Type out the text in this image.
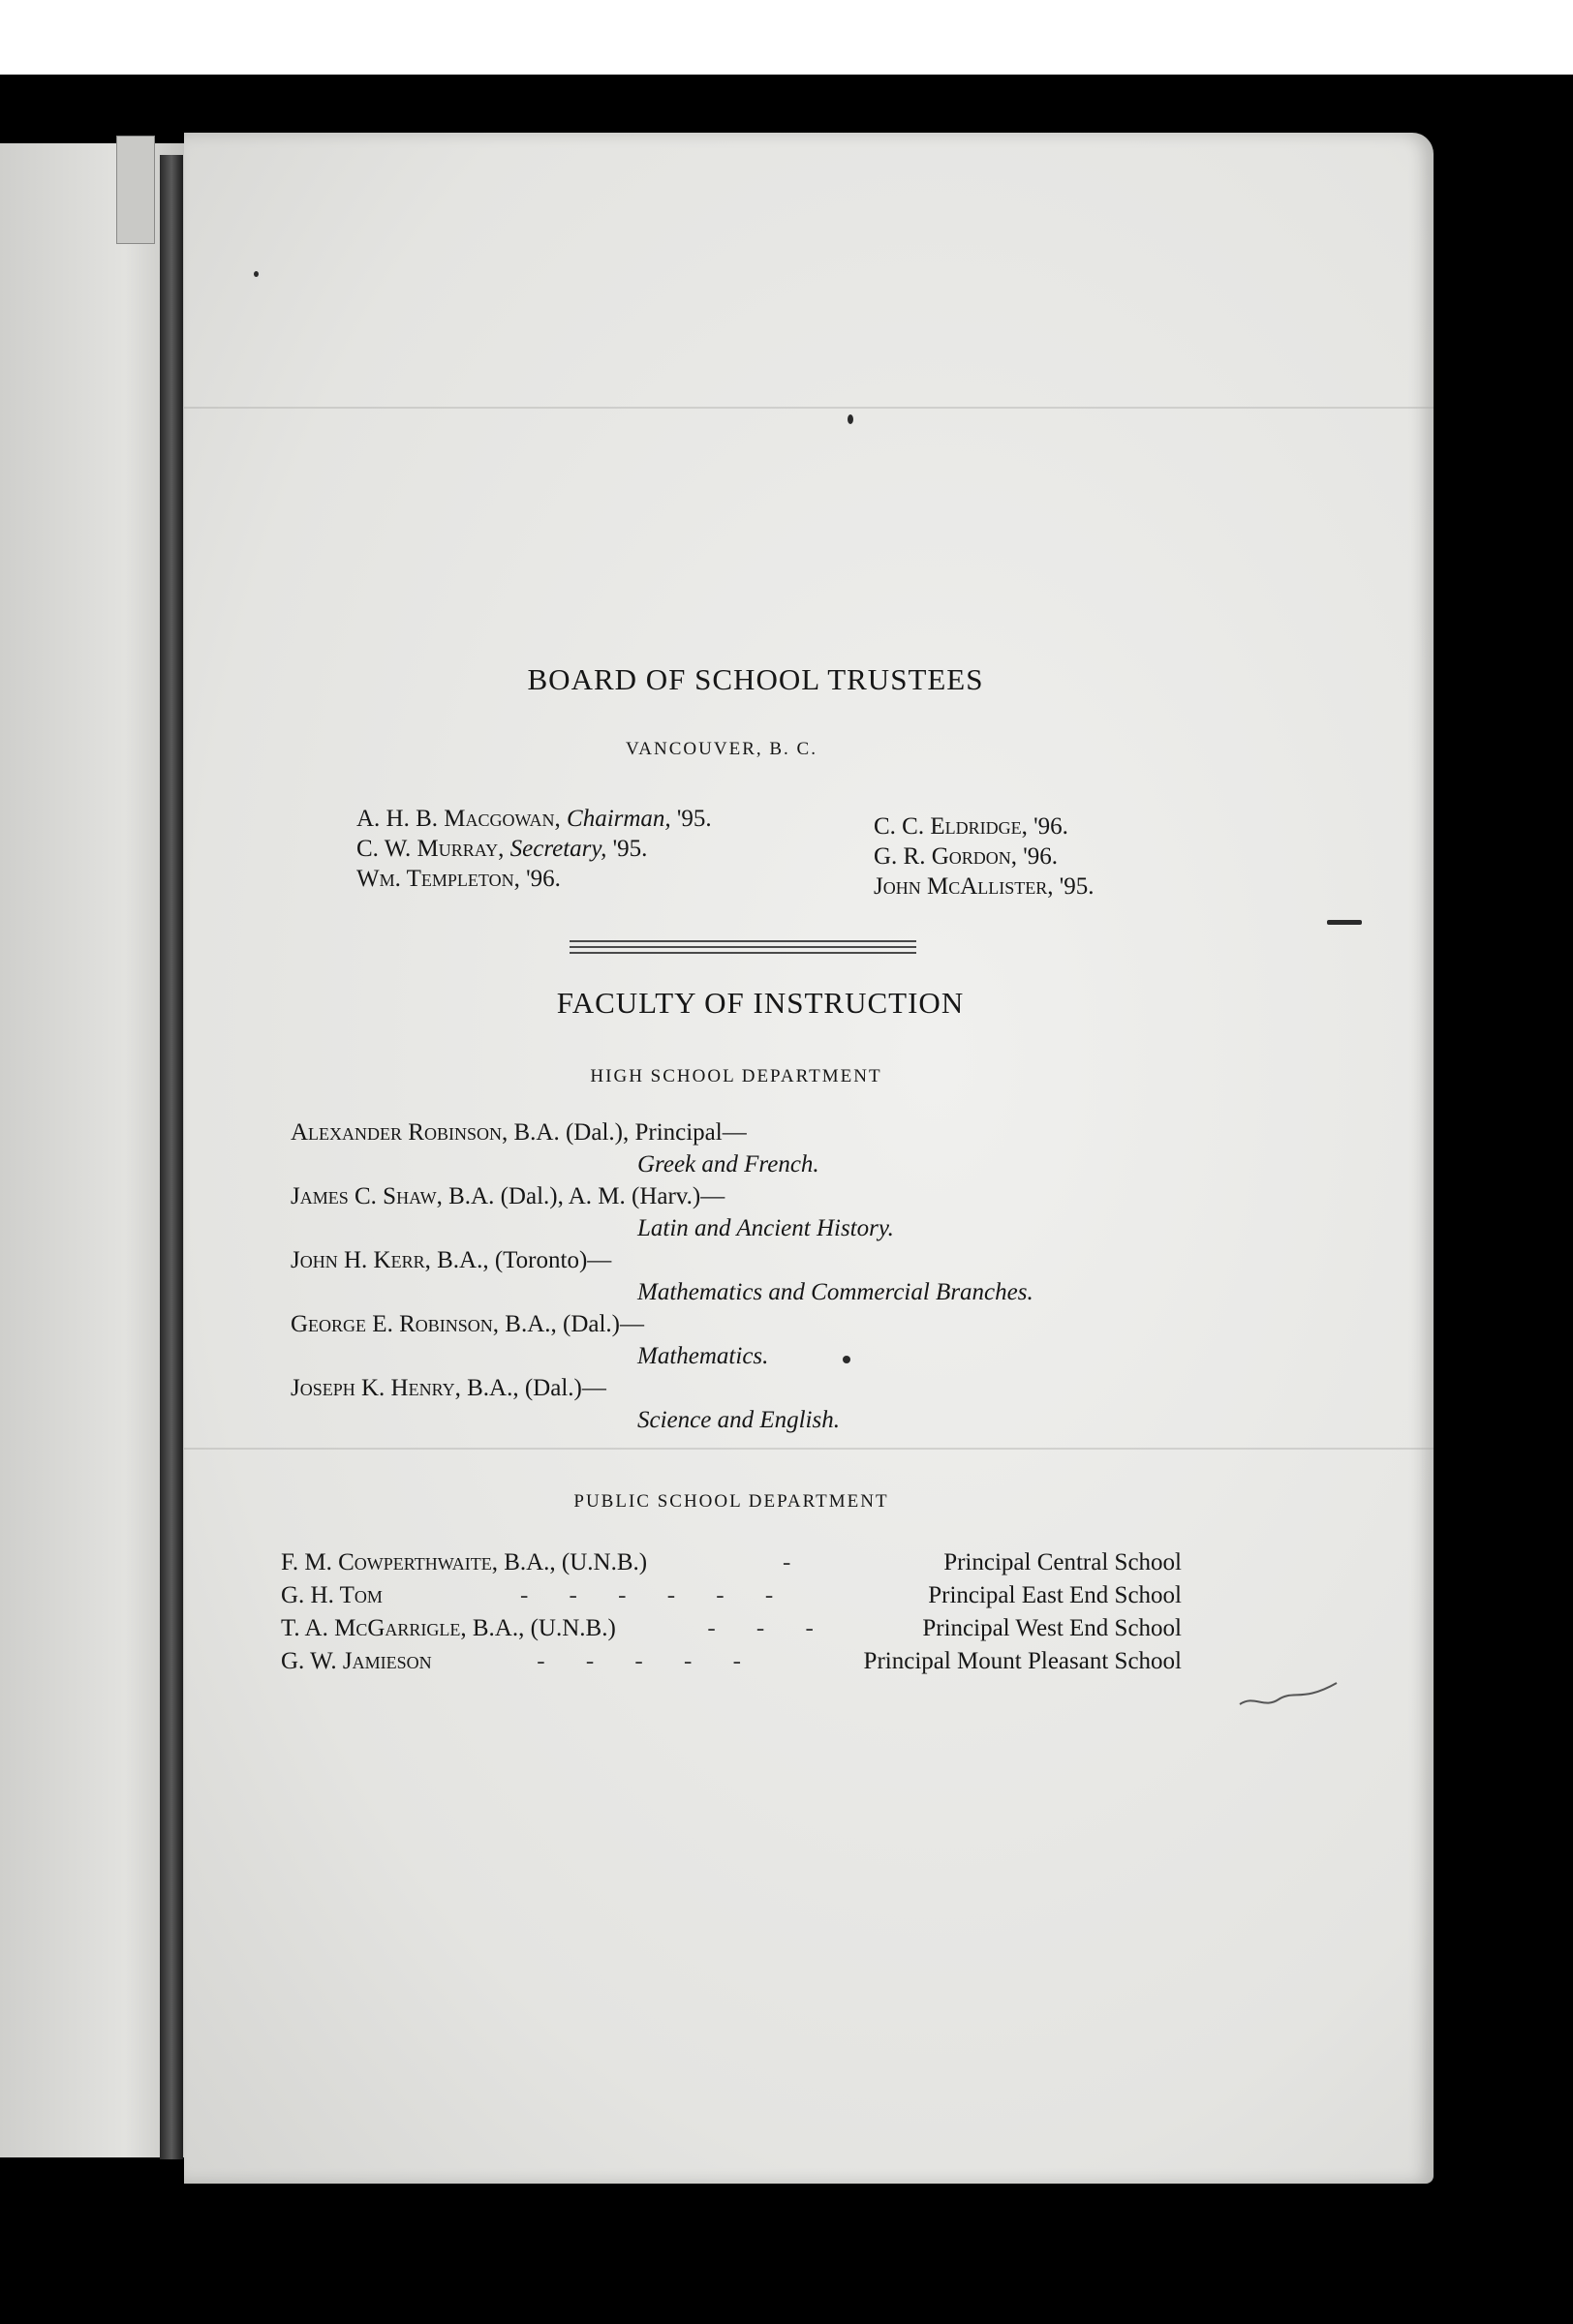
BOARD OF SCHOOL TRUSTEES
VANCOUVER, B. C.
A. H. B. Macgowan, Chairman, '95.
C. W. Murray, Secretary, '95.
Wm. Templeton, '96.
C. C. Eldridge, '96.
G. R. Gordon, '96.
John McAllister, '95.
FACULTY OF INSTRUCTION
HIGH SCHOOL DEPARTMENT
Alexander Robinson, B.A. (Dal.), Principal—
Greek and French.
James C. Shaw, B.A. (Dal.), A. M. (Harv.)—
Latin and Ancient History.
John H. Kerr, B.A., (Toronto)—
Mathematics and Commercial Branches.
George E. Robinson, B.A., (Dal.)—
Mathematics.
Joseph K. Henry, B.A., (Dal.)—
Science and English.
PUBLIC SCHOOL DEPARTMENT
F. M. Cowperthwaite, B.A., (U.N.B.)	-	Principal Central School
G. H. Tom	- - - - - -	Principal East End School
T. A. McGarrigle, B.A., (U.N.B.)	- - -	Principal West End School
G. W. Jamieson	- - - - -	Principal Mount Pleasant School
